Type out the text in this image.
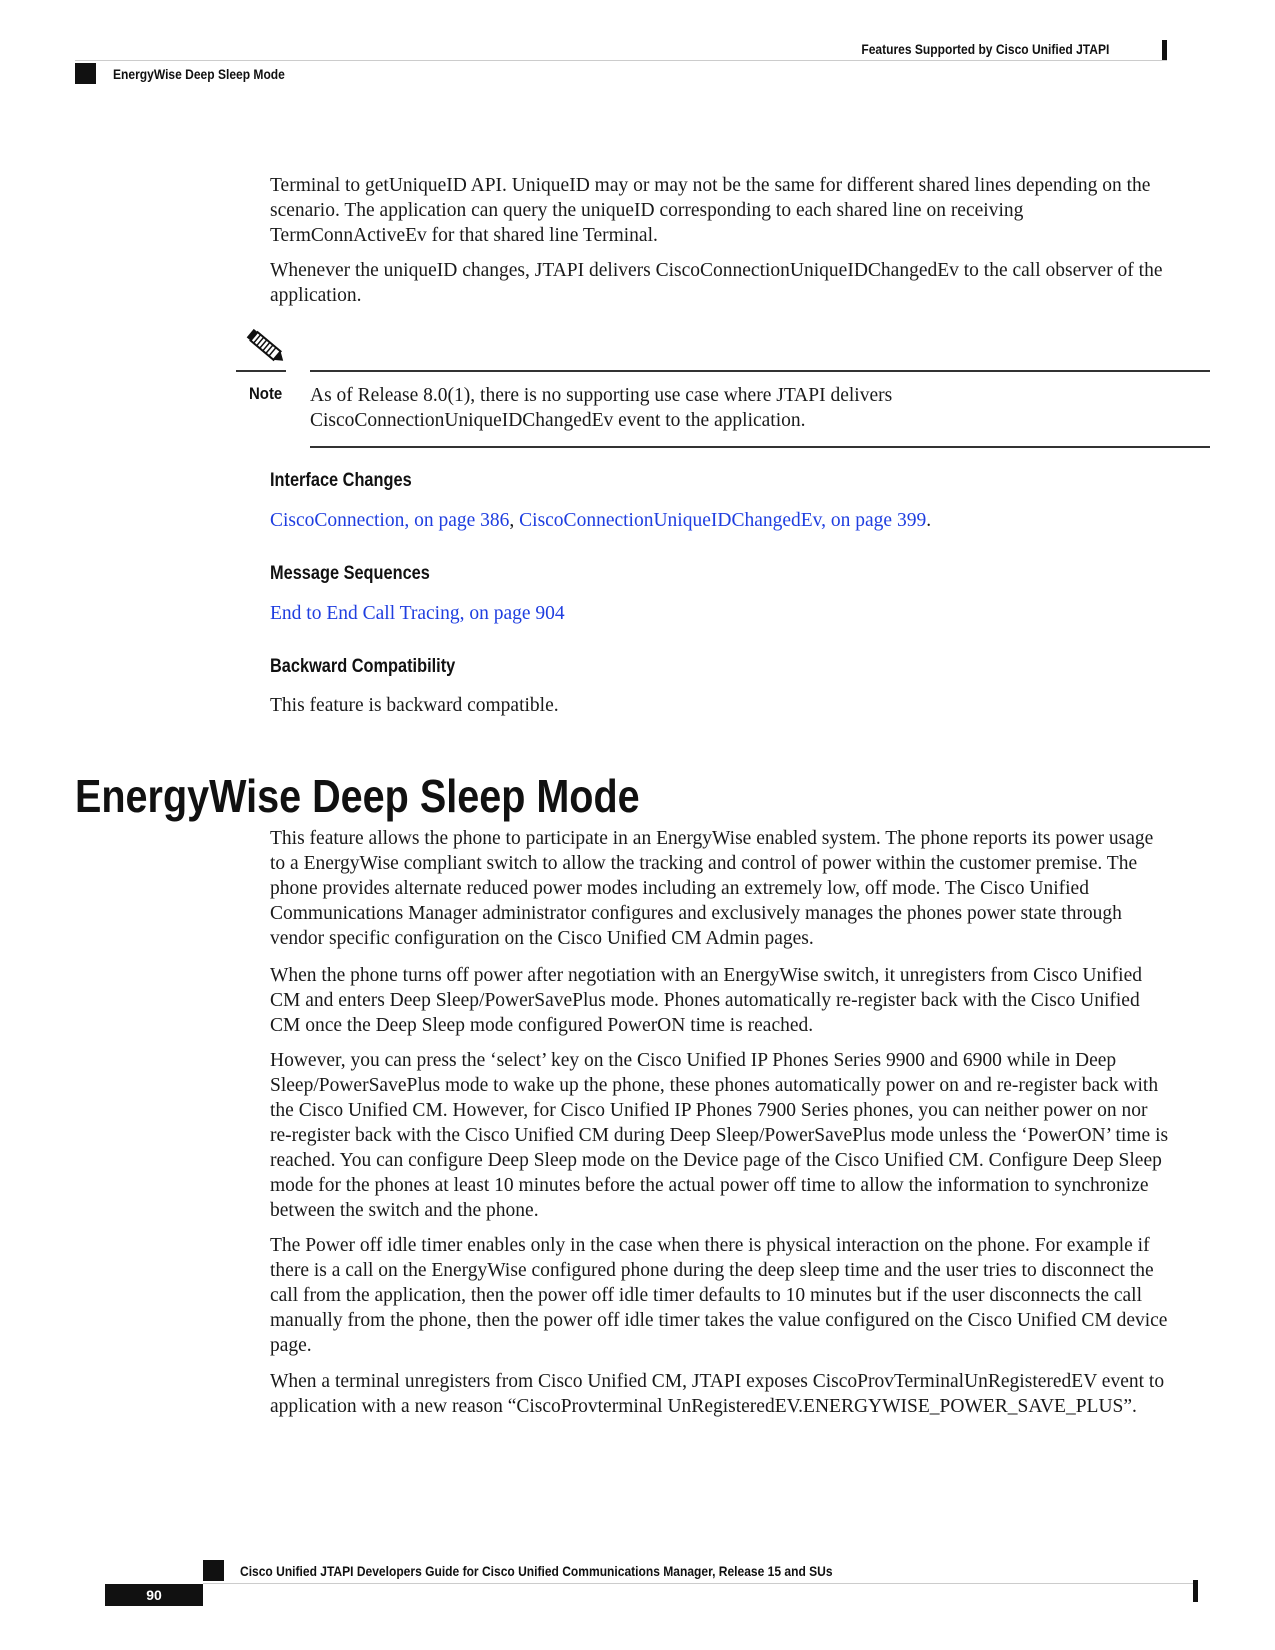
Features Supported by Cisco Unified JTAPI
EnergyWise Deep Sleep Mode

Terminal to getUniqueID API. UniqueID may or may not be the same for different shared lines depending on the scenario. The application can query the uniqueID corresponding to each shared line on receiving TermConnActiveEv for that shared line Terminal.

Whenever the uniqueID changes, JTAPI delivers CiscoConnectionUniqueIDChangedEv to the call observer of the application.

Note As of Release 8.0(1), there is no supporting use case where JTAPI delivers CiscoConnectionUniqueIDChangedEv event to the application.

Interface Changes
CiscoConnection, on page 386, CiscoConnectionUniqueIDChangedEv, on page 399.
Message Sequences
End to End Call Tracing, on page 904
Backward Compatibility

This feature is backward compatible.

EnergyWise Deep Sleep Mode

This feature allows the phone to participate in an EnergyWise enabled system. The phone reports its power usage to a EnergyWise compliant switch to allow the tracking and control of power within the customer premise. The phone provides alternate reduced power modes including an extremely low, off mode. The Cisco Unified Communications Manager administrator configures and exclusively manages the phones power state through vendor specific configuration on the Cisco Unified CM Admin pages.

When the phone turns off power after negotiation with an EnergyWise switch, it unregisters from Cisco Unified CM and enters Deep Sleep/PowerSavePlus mode. Phones automatically re-register back with the Cisco Unified CM once the Deep Sleep mode configured PowerON time is reached.

However, you can press the ‘select’ key on the Cisco Unified IP Phones Series 9900 and 6900 while in Deep Sleep/PowerSavePlus mode to wake up the phone, these phones automatically power on and re-register back with the Cisco Unified CM. However, for Cisco Unified IP Phones 7900 Series phones, you can neither power on nor re-register back with the Cisco Unified CM during Deep Sleep/PowerSavePlus mode unless the ‘PowerON’ time is reached. You can configure Deep Sleep mode on the Device page of the Cisco Unified CM. Configure Deep Sleep mode for the phones at least 10 minutes before the actual power off time to allow the information to synchronize between the switch and the phone.

The Power off idle timer enables only in the case when there is physical interaction on the phone. For example if there is a call on the EnergyWise configured phone during the deep sleep time and the user tries to disconnect the call from the application, then the power off idle timer defaults to 10 minutes but if the user disconnects the call manually from the phone, then the power off idle timer takes the value configured on the Cisco Unified CM device page.

When a terminal unregisters from Cisco Unified CM, JTAPI exposes CiscoProvTerminalUnRegisteredEV event to application with a new reason “CiscoProvterminal UnRegisteredEV.ENERGYWISE_POWER_SAVE_PLUS”.

Cisco Unified JTAPI Developers Guide for Cisco Unified Communications Manager, Release 15 and SUs
90
